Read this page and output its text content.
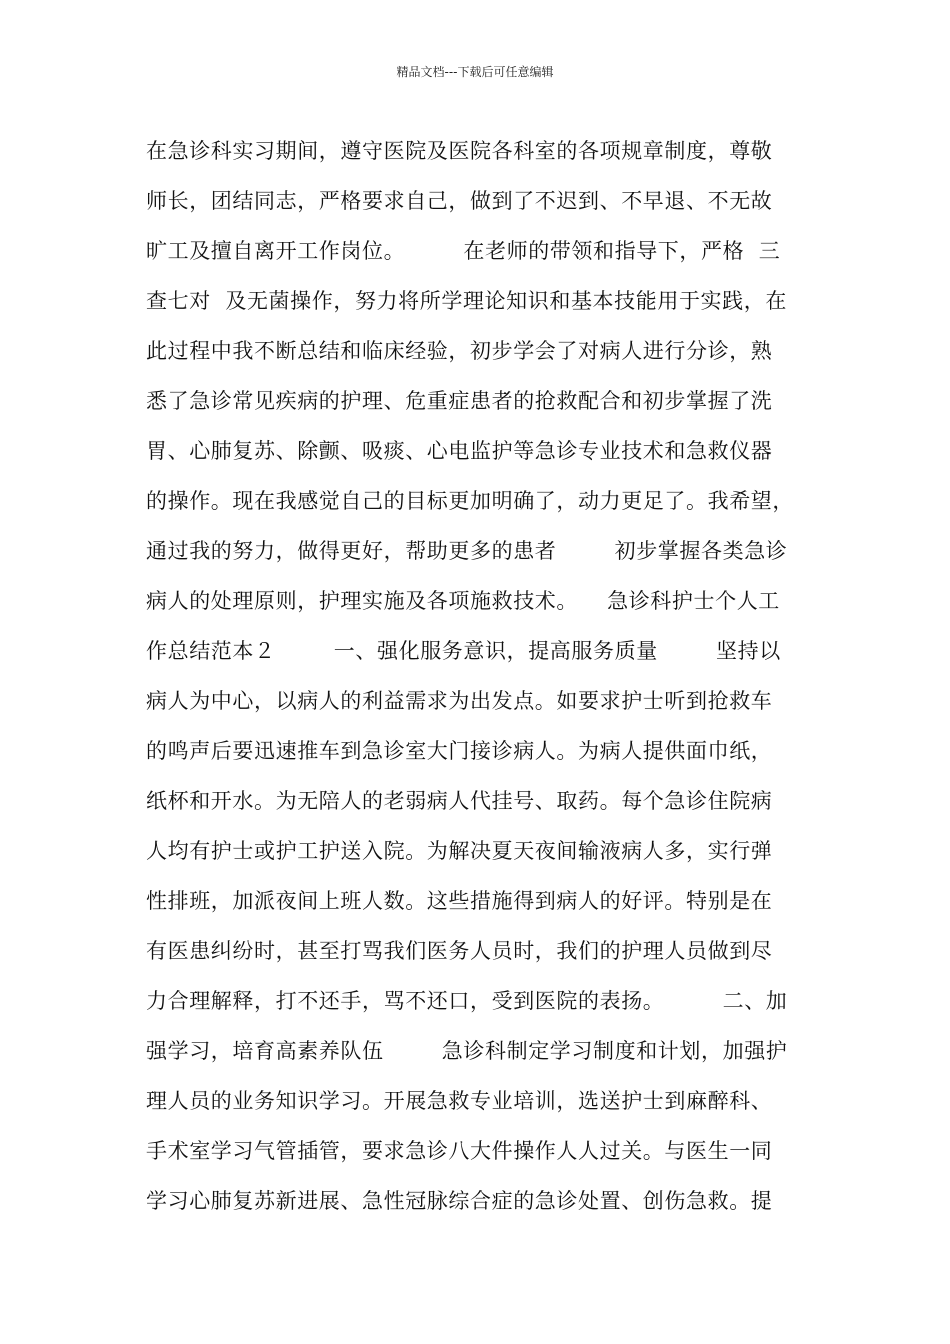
精品文档---下载后可任意编辑
在急诊科实习期间，遵守医院及医院各科室的各项规章制度，尊敬
师长，团结同志，严格要求自己，做到了不迟到、不早退、不无故
旷工及擅自离开工作岗位。        在老师的带领和指导下，严格  三
查七对  及无菌操作，努力将所学理论知识和基本技能用于实践，在
此过程中我不断总结和临床经验，初步学会了对病人进行分诊，熟
悉了急诊常见疾病的护理、危重症患者的抢救配合和初步掌握了洗
胃、心肺复苏、除颤、吸痰、心电监护等急诊专业技术和急救仪器
的操作。现在我感觉自己的目标更加明确了，动力更足了。我希望，
通过我的努力，做得更好，帮助更多的患者        初步掌握各类急诊
病人的处理原则，护理实施及各项施救技术。    急诊科护士个人工
作总结范本２        一、强化服务意识，提高服务质量        坚持以
病人为中心，以病人的利益需求为出发点。如要求护士听到抢救车
的鸣声后要迅速推车到急诊室大门接诊病人。为病人提供面巾纸，
纸杯和开水。为无陪人的老弱病人代挂号、取药。每个急诊住院病
人均有护士或护工护送入院。为解决夏天夜间输液病人多，实行弹
性排班，加派夜间上班人数。这些措施得到病人的好评。特别是在
有医患纠纷时，甚至打骂我们医务人员时，我们的护理人员做到尽
力合理解释，打不还手，骂不还口，受到医院的表扬。        二、加
强学习，培育高素养队伍        急诊科制定学习制度和计划，加强护
理人员的业务知识学习。开展急救专业培训，选送护士到麻醉科、
手术室学习气管插管，要求急诊八大件操作人人过关。与医生一同
学习心肺复苏新进展、急性冠脉综合症的急诊处置、创伤急救。提
